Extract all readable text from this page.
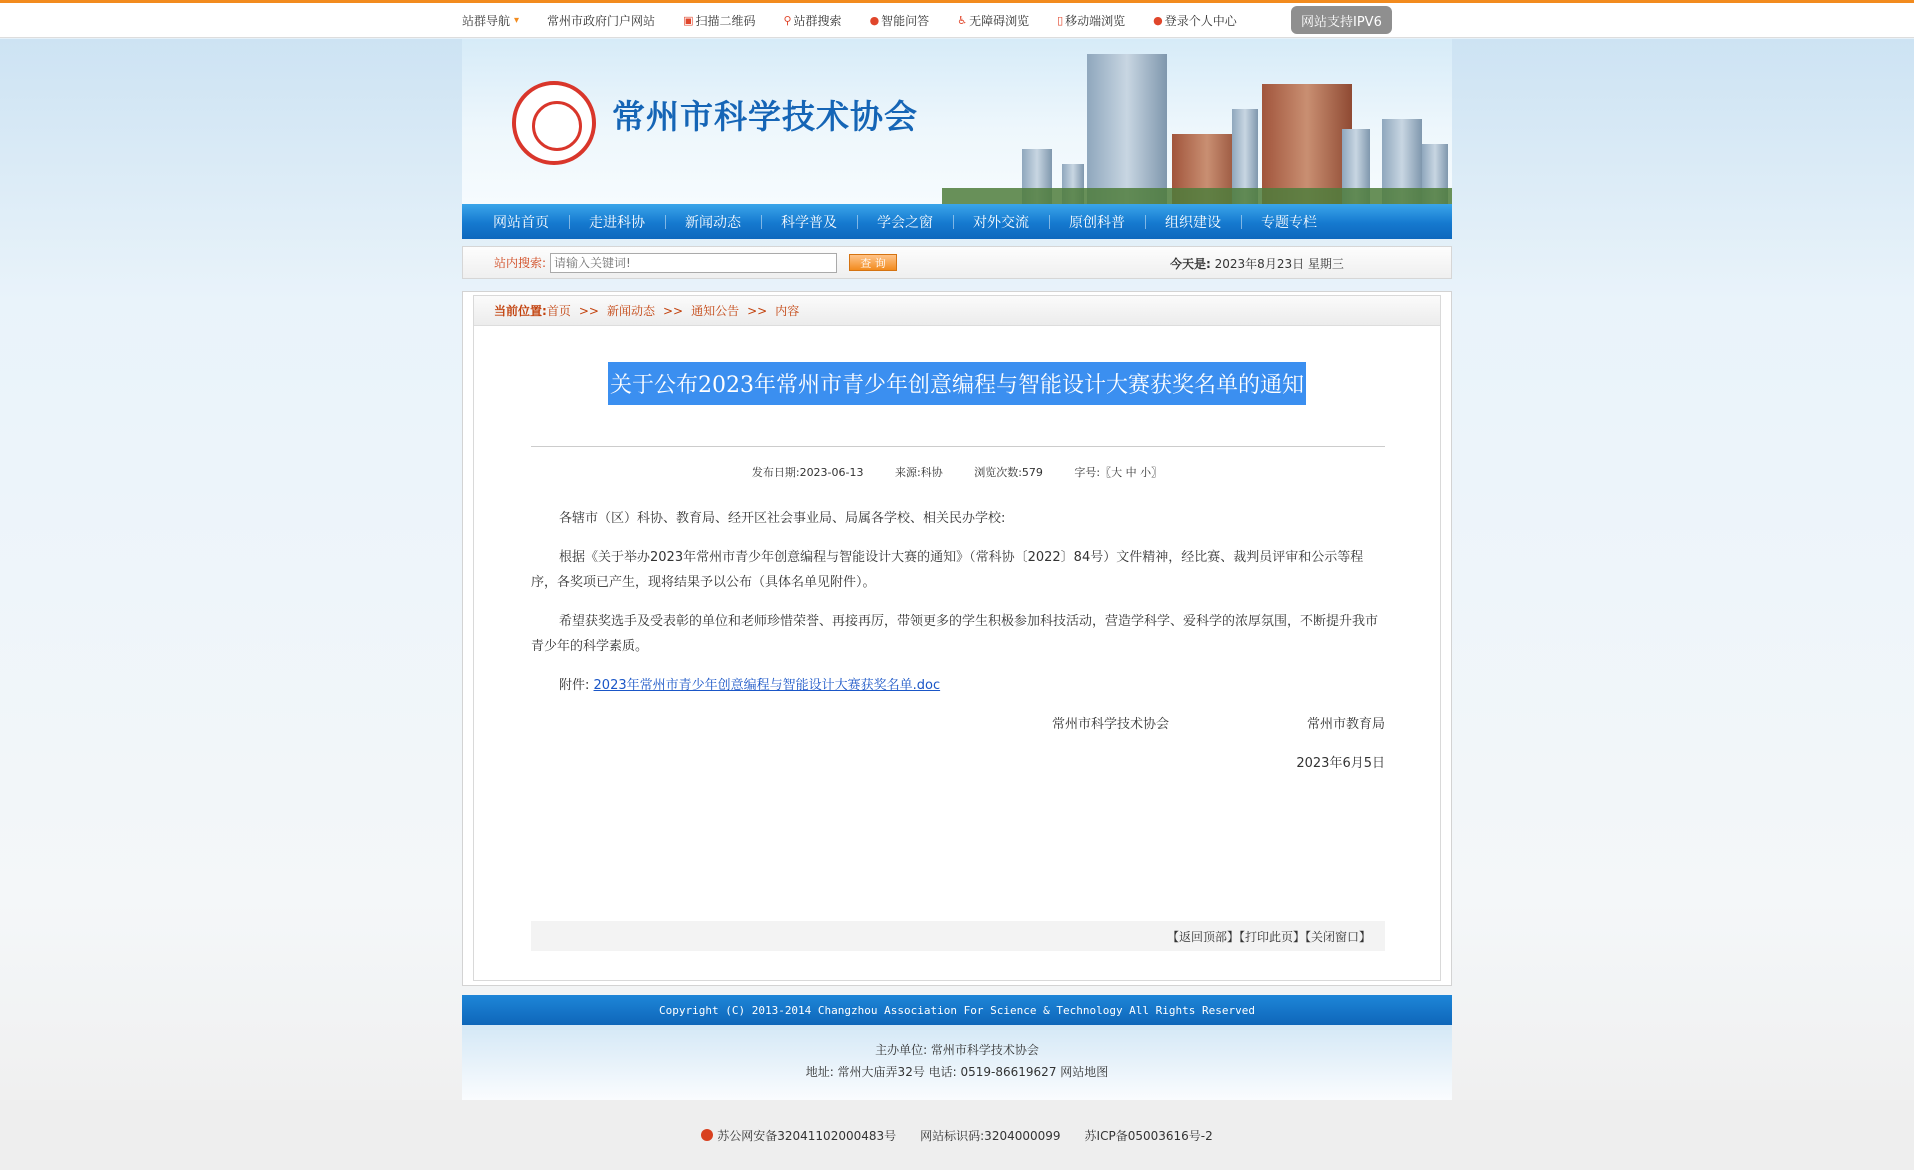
站群导航 ▾ 常州市政府门户网站	▣ 扫描二维码	⚲ 站群搜索	● 智能问答	♿ 无障碍浏览	▯ 移动端浏览	● 登录个人中心	网站支持IPV6
常州市科学技术协会
网站首页	走进科协	新闻动态	科学普及	学会之窗	对外交流	原创科普	组织建设	专题专栏
站内搜索:
请输入关键词!	查 询	今天是: 2023年8月23日 星期三
当前位置: 首页 >> 新闻动态 >> 通知公告 >> 内容
关于公布2023年常州市青少年创意编程与智能设计大赛获奖名单的通知
发布日期:2023-06-13	来源:科协	浏览次数:579	字号:〖大 中 小〗

各辖市（区）科协、教育局、经开区社会事业局、局属各学校、相关民办学校:

根据《关于举办2023年常州市青少年创意编程与智能设计大赛的通知》（常科协〔2022〕84号）文件精神，经比赛、裁判员评审和公示等程序，各奖项已产生，现将结果予以公布（具体名单见附件）。

希望获奖选手及受表彰的单位和老师珍惜荣誉、再接再厉，带领更多的学生积极参加科技活动，营造学科学、爱科学的浓厚氛围，不断提升我市青少年的科学素质。

附件: 2023年常州市青少年创意编程与智能设计大赛获奖名单.doc

常州市科学技术协会	常州市教育局
2023年6月5日
【返回顶部】【打印此页】【关闭窗口】
Copyright (C) 2013-2014 Changzhou Association For Science & Technology All Rights Reserved
主办单位: 常州市科学技术协会
地址: 常州大庙弄32号 电话: 0519-86619627 网站地图
苏公网安备32041102000483号 网站标识码:3204000099 苏ICP备05003616号-2
